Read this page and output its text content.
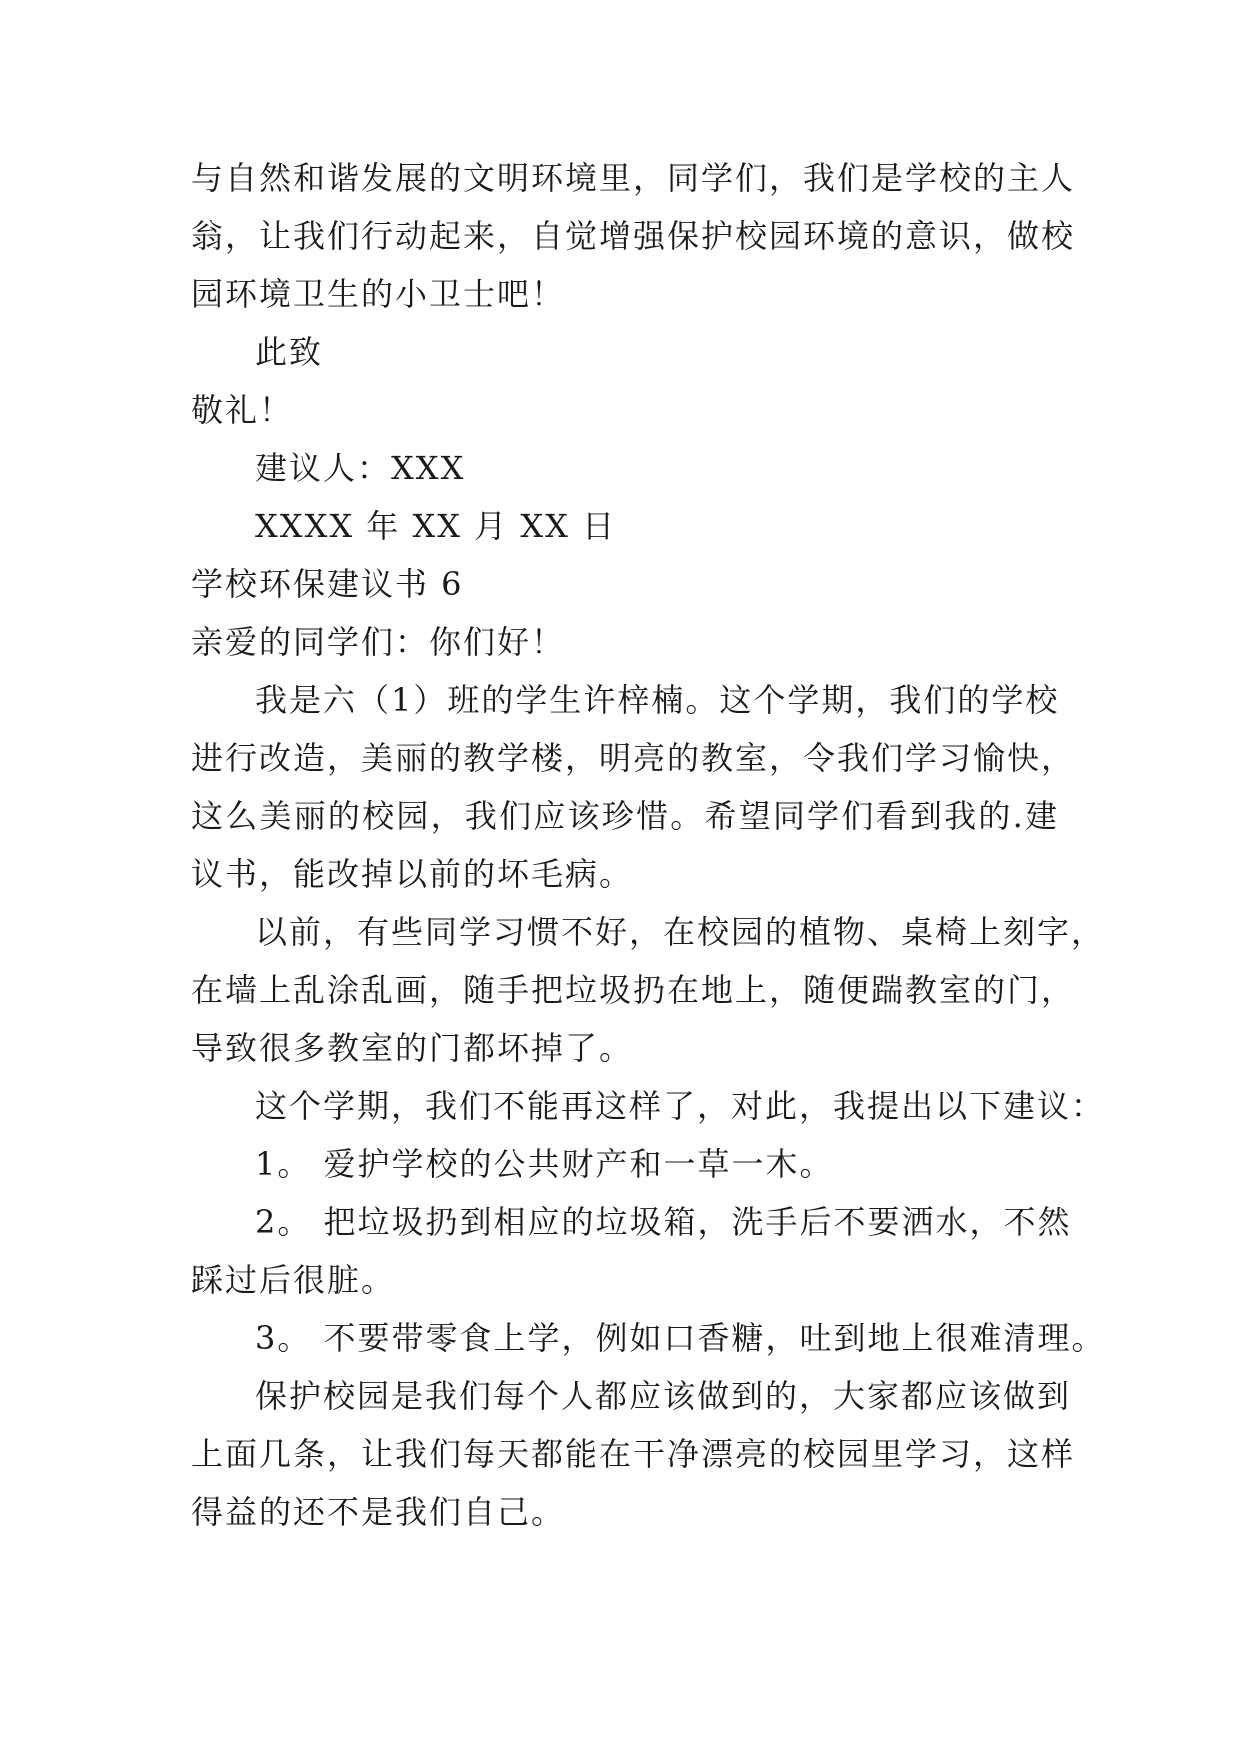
与自然和谐发展的文明环境里，同学们，我们是学校的主人
翁，让我们行动起来，自觉增强保护校园环境的意识，做校
园环境卫生的小卫士吧！
此致
敬礼！
建议人：XXX
XXXX 年 XX 月 XX 日
学校环保建议书 6
亲爱的同学们：你们好！
我是六（1）班的学生许梓楠。这个学期，我们的学校
进行改造，美丽的教学楼，明亮的教室，令我们学习愉快，
这么美丽的校园，我们应该珍惜。希望同学们看到我的.建
议书，能改掉以前的坏毛病。
以前，有些同学习惯不好，在校园的植物、桌椅上刻字，
在墙上乱涂乱画，随手把垃圾扔在地上，随便踹教室的门，
导致很多教室的门都坏掉了。
这个学期，我们不能再这样了，对此，我提出以下建议：
1。 爱护学校的公共财产和一草一木。
2。 把垃圾扔到相应的垃圾箱，洗手后不要洒水，不然
踩过后很脏。
3。 不要带零食上学，例如口香糖，吐到地上很难清理。
保护校园是我们每个人都应该做到的，大家都应该做到
上面几条，让我们每天都能在干净漂亮的校园里学习，这样
得益的还不是我们自己。
